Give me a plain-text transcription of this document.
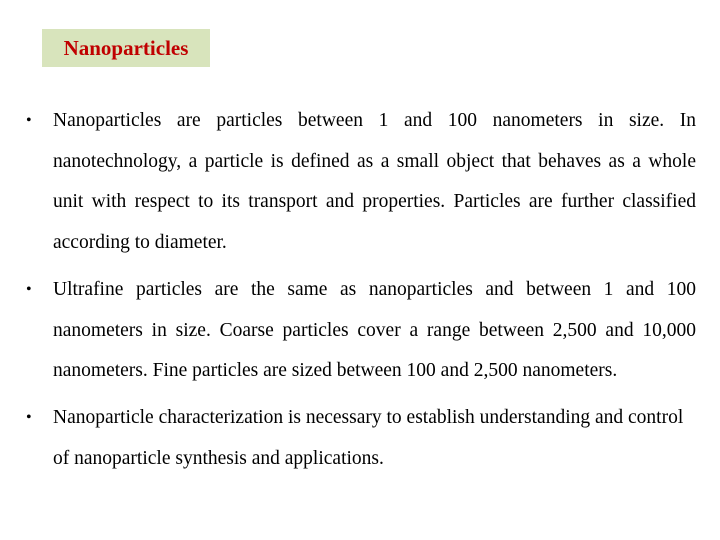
Nanoparticles
• Nanoparticles are particles between 1 and 100 nanometers in size. In nanotechnology, a particle is defined as a small object that behaves as a whole unit with respect to its transport and properties. Particles are further classified according to diameter.
• Ultrafine particles are the same as nanoparticles and between 1 and 100 nanometers in size. Coarse particles cover a range between 2,500 and 10,000 nanometers. Fine particles are sized between 100 and 2,500 nanometers.
• Nanoparticle characterization is necessary to establish understanding and control of nanoparticle synthesis and applications.
